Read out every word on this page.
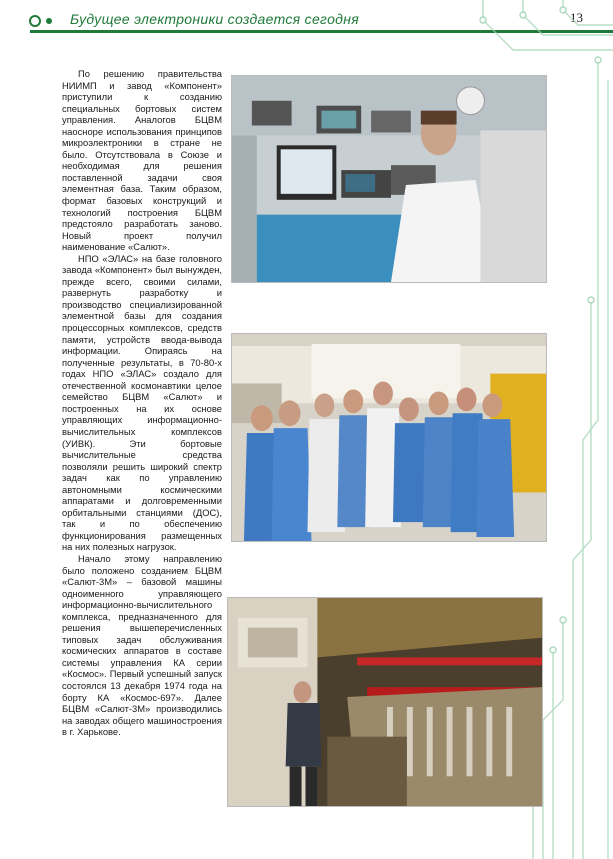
Будущее электроники создается сегодня	13

По решению правительства НИИМП и завод «Компонент» приступили к созданию специальных бортовых систем управления. Аналогов БЦВМ наосноре использования принципов микроэлектроники в стране не было. Отсутствовала в Союзе и необходимая для решения поставленной задачи своя элементная база. Таким образом, формат базовых конструкций и технологий построения БЦВМ предстояло разработать заново. Новый проект получил наименование «Салют».

НПО «ЭЛАС» на базе головного завода «Компонент» был вынужден, прежде всего, своими силами, развернуть разработку и производство специализированной элементной базы для создания процессорных комплексов, средств памяти, устройств ввода-вывода информации. Опираясь на полученные результаты, в 70-80-х годах НПО «ЭЛАС» создало для отечественной космонавтики целое семейство БЦВМ «Салют» и построенных на их основе управляющих информационно-вычислительных комплексов (УИВК). Эти бортовые вычислительные средства позволяли решить широкий спектр задач как по управлению автономными космическими аппаратами и долговременными орбитальными станциями (ДОС), так и по обеспечению функционирования размещенных на них полезных нагрузок.

Начало этому направлению было положено созданием БЦВМ «Салют-3М» – базовой машины одноименного управляющего информационно-вычислительного комплекса, предназначенного для решения вышеперечисленных типовых задач обслуживания космических аппаратов в составе системы управления КА серии «Космос». Первый успешный запуск состоялся 13 декабря 1974 года на борту КА «Космос-697». Далее БЦВМ «Салют-3М» производились на заводах общего машиностроения в г. Харькове.
